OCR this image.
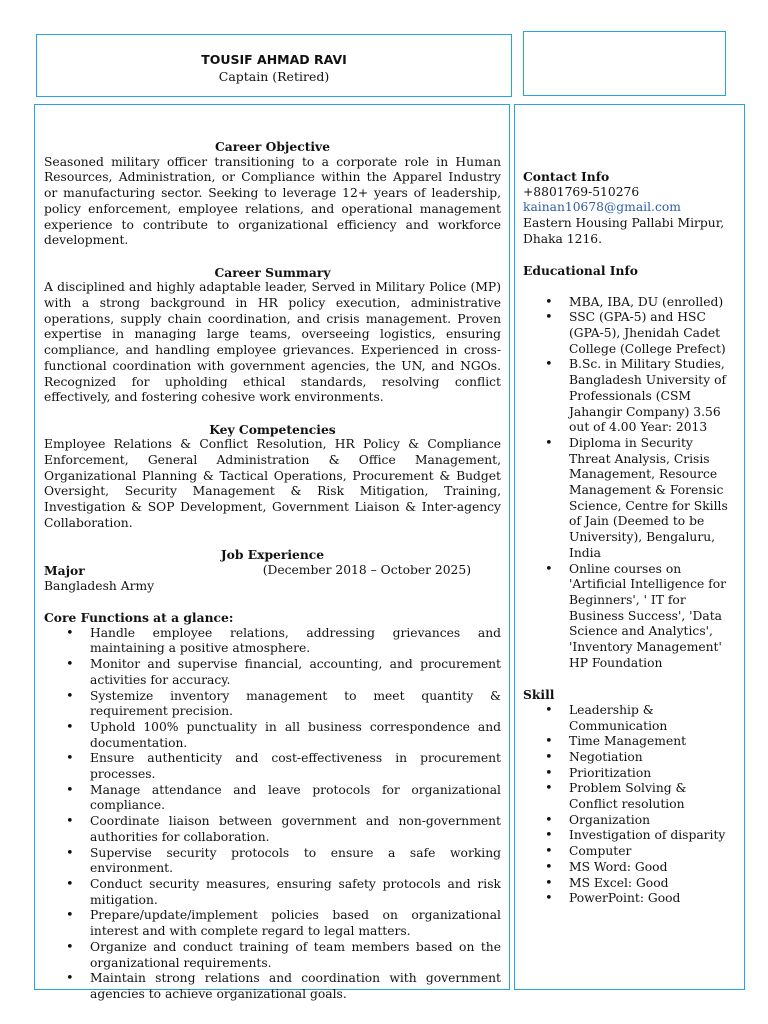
TOUSIF AHMAD RAVI
Captain (Retired)
Career Objective
Seasoned military officer transitioning to a corporate role in Human Resources, Administration, or Compliance within the Apparel Industry or manufacturing sector. Seeking to leverage 12+ years of leadership, policy enforcement, employee relations, and operational management experience to contribute to organizational efficiency and workforce development.
Career Summary
A disciplined and highly adaptable leader, Served in Military Police (MP) with a strong background in HR policy execution, administrative operations, supply chain coordination, and crisis management. Proven expertise in managing large teams, overseeing logistics, ensuring compliance, and handling employee grievances. Experienced in cross-functional coordination with government agencies, the UN, and NGOs. Recognized for upholding ethical standards, resolving conflict effectively, and fostering cohesive work environments.
Key Competencies
Employee Relations & Conflict Resolution, HR Policy & Compliance Enforcement, General Administration & Office Management, Organizational Planning & Tactical Operations, Procurement & Budget Oversight, Security Management & Risk Mitigation, Training, Investigation & SOP Development, Government Liaison & Inter-agency Collaboration.
Job Experience
Major	(December 2018 – October 2025)
Bangladesh Army
Core Functions at a glance:
• Handle employee relations, addressing grievances and maintaining a positive atmosphere.
• Monitor and supervise financial, accounting, and procurement activities for accuracy.
• Systemize inventory management to meet quantity & requirement precision.
• Uphold 100% punctuality in all business correspondence and documentation.
• Ensure authenticity and cost-effectiveness in procurement processes.
• Manage attendance and leave protocols for organizational compliance.
• Coordinate liaison between government and non-government authorities for collaboration.
• Supervise security protocols to ensure a safe working environment.
• Conduct security measures, ensuring safety protocols and risk mitigation.
• Prepare/update/implement policies based on organizational interest and with complete regard to legal matters.
• Organize and conduct training of team members based on the organizational requirements.
• Maintain strong relations and coordination with government agencies to achieve organizational goals.
Contact Info
+8801769-510276
kainan10678@gmail.com
Eastern Housing Pallabi Mirpur, Dhaka 1216.
Educational Info
• MBA, IBA, DU (enrolled)
• SSC (GPA-5) and HSC (GPA-5), Jhenidah Cadet College (College Prefect)
• B.Sc. in Military Studies, Bangladesh University of Professionals (CSM Jahangir Company) 3.56 out of 4.00 Year: 2013
• Diploma in Security Threat Analysis, Crisis Management, Resource Management & Forensic Science, Centre for Skills of Jain (Deemed to be University), Bengaluru, India
• Online courses on 'Artificial Intelligence for Beginners', ' IT for Business Success', 'Data Science and Analytics', 'Inventory Management' HP Foundation
Skill
• Leadership & Communication
• Time Management
• Negotiation
• Prioritization
• Problem Solving & Conflict resolution
• Organization
• Investigation of disparity
• Computer
• MS Word: Good
• MS Excel: Good
• PowerPoint: Good
